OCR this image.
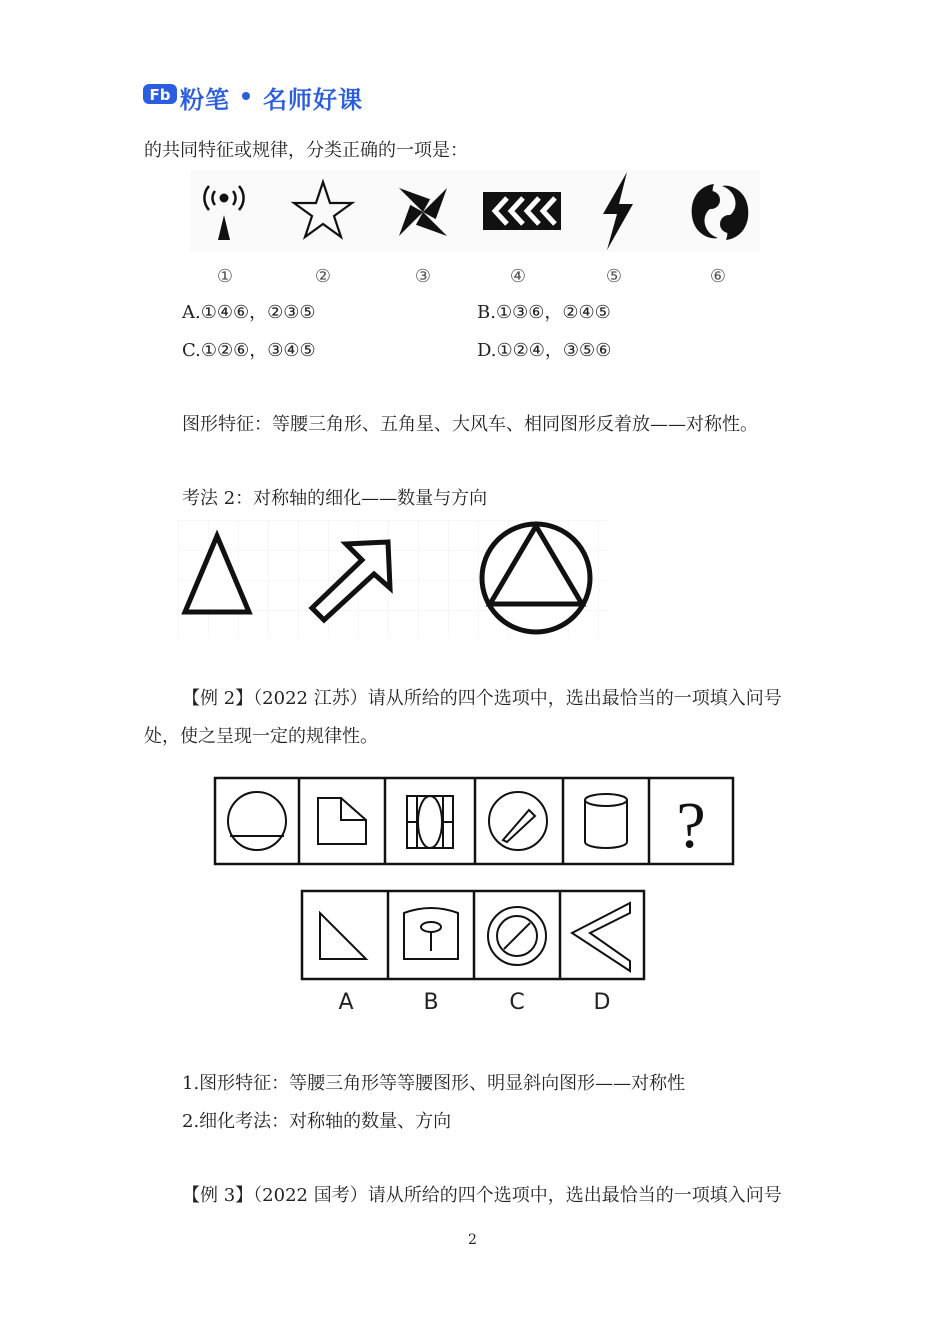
Fb 粉笔 名师好课
的共同特征或规律，分类正确的一项是：
①	②	③	④	⑤	⑥
A.①④⑥，②③⑤	B.①③⑥，②④⑤
C.①②⑥，③④⑤	D.①②④，③⑤⑥
图形特征：等腰三角形、五角星、大风车、相同图形反着放——对称性。
考法 2：对称轴的细化——数量与方向
【例 2】（2022 江苏）请从所给的四个选项中，选出最恰当的一项填入问号
处，使之呈现一定的规律性。
?
A	B	C	D
1.图形特征：等腰三角形等等腰图形、明显斜向图形——对称性
2.细化考法：对称轴的数量、方向
【例 3】（2022 国考）请从所给的四个选项中，选出最恰当的一项填入问号
2
